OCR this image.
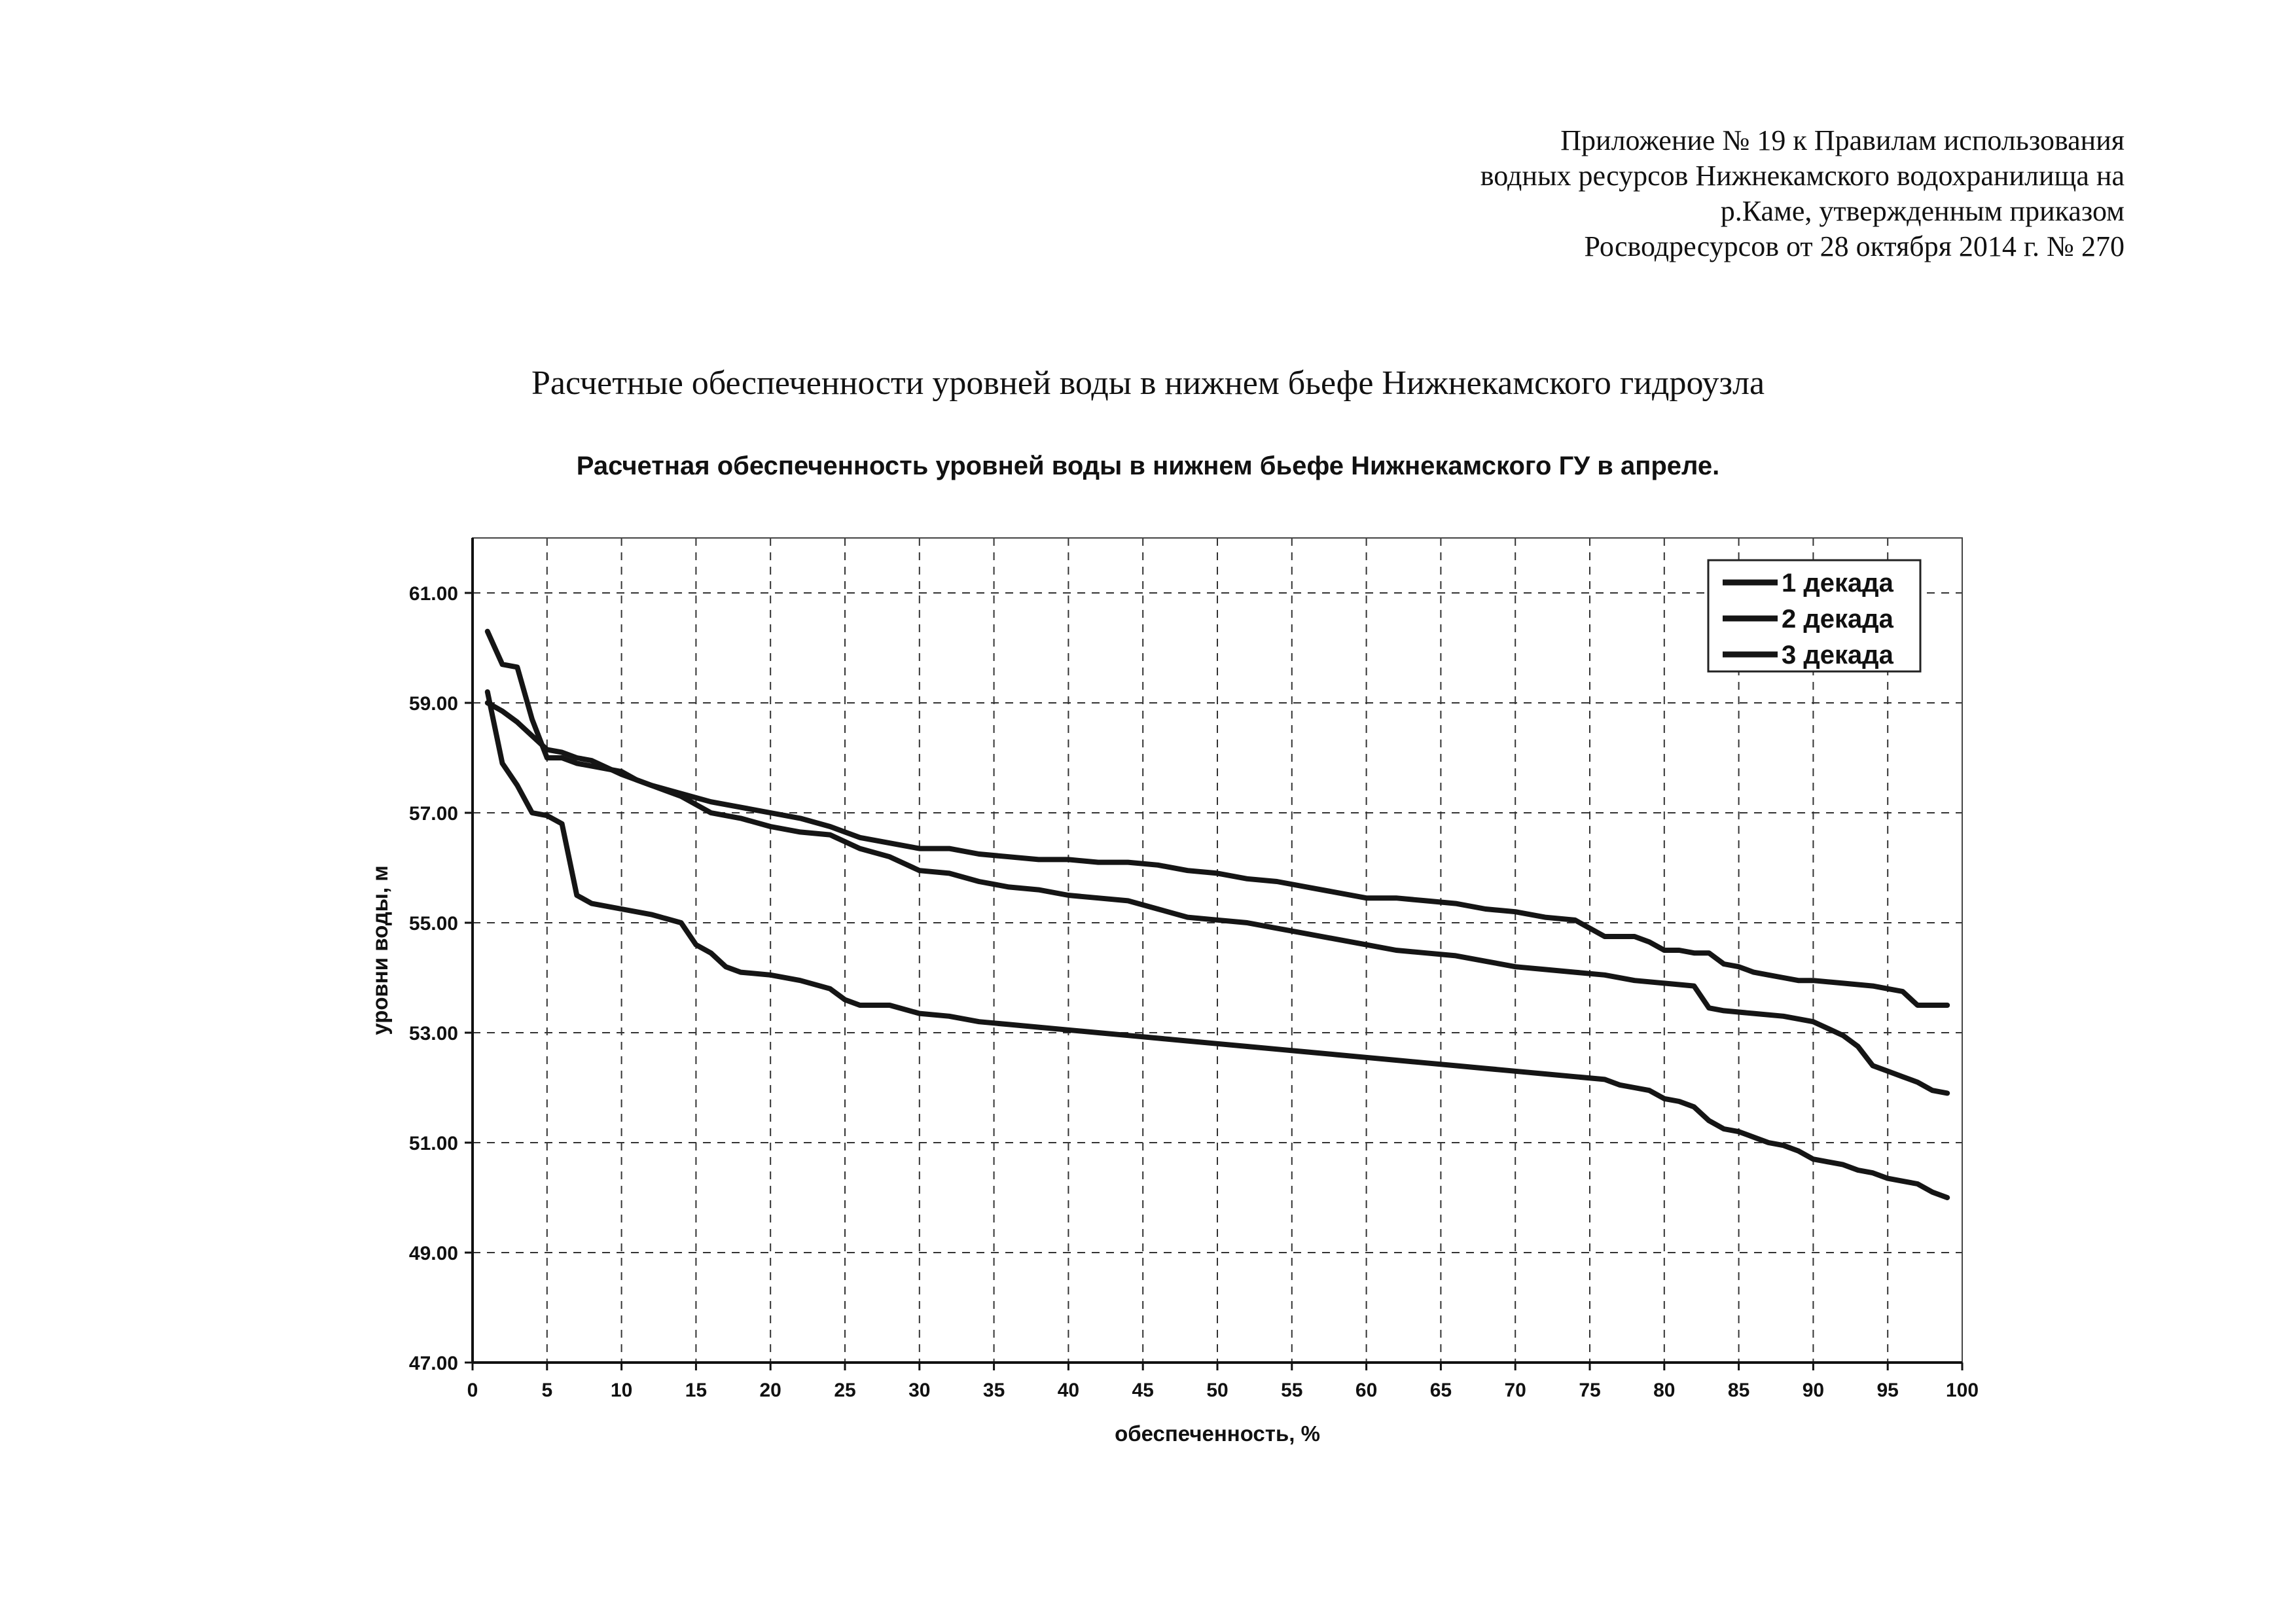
Приложение № 19 к Правилам использования
водных ресурсов Нижнекамского водохранилища на
р.Каме, утвержденным приказом
Росводресурсов от 28 октября 2014 г. № 270
Расчетные обеспеченности уровней воды в нижнем бьефе Нижнекамского гидроузла
Расчетная обеспеченность уровней воды в нижнем бьефе Нижнекамского ГУ в апреле.
0	5	10	15	20	25	30	35	40	45	50	55	60	65	70	75	80	85	90	95 100
47.00
49.00
51.00
53.00
55.00
57.00
59.00
61.00	1 декада
2 декада
3 декада
обеспеченность, %
уровни воды, м
